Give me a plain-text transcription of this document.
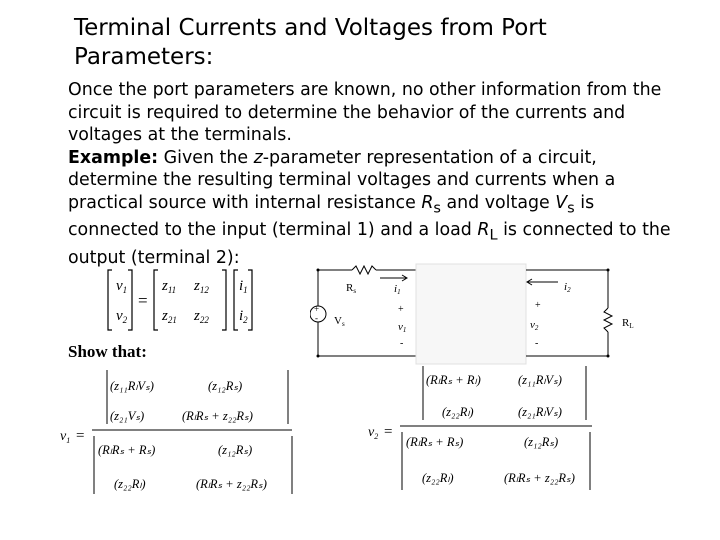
Terminal Currents and Voltages from Port Parameters:

Once the port parameters are known, no other information from the circuit is required to determine the behavior of the currents and voltages at the terminals.

Example: Given the z-parameter representation of a circuit, determine the resulting terminal voltages and currents when a practical source with internal resistance $R_s$ and voltage $V_s$ is connected to the input (terminal 1) and a load $R_L$ is connected to the output (terminal 2):

$v_1$
$v_2$
=
$z_{11}$ $z_{12}$
$z_{21}$ $z_{22}$
$i_1$
$i_2$
+
-
Rs
Vs
i1
+
v1
-
i2
+
v2
-
RL
Show that:
$v_1$ =
(z₁₁RₗVₛ)	(z₁₂Rₛ)
(z₂₁Vₛ)	(RₗRₛ + z₂₂Rₛ)
(RₗRₛ + Rₛ)	(z₁₂Rₛ)
(z₂₂Rₗ)	(RₗRₛ + z₂₂Rₛ)
$v_2$ =
(RₗRₛ + Rₗ)	(z₁₁RₗVₛ)
(z₂₂Rₗ)	(z₂₁RₗVₛ)
(RₗRₛ + Rₛ)	(z₁₂Rₛ)
(z₂₂Rₗ)	(RₗRₛ + z₂₂Rₛ)
